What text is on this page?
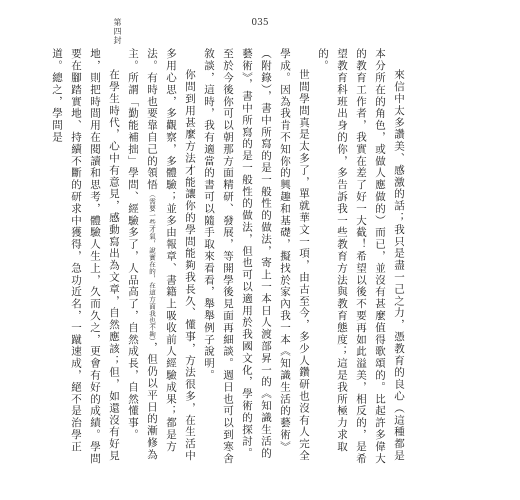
035
第四封

來信中太多讚美、感激的話；我只是盡一己之力，憑教育的良心（這種都是本分所在的角色，或做人應做的）而已，並沒有甚麼值得歌頌的。比起許多偉大的教育工作者，我實在差了好一大截！希望以後不要再如此溢美，相反的，是希望教育科班出身的你，多告訴我一些教育方法與教育態度；這是我所極力求取的。

世間學問真是太多了，單就華文一項，由古至今，多少人鑽研也沒有人完全學成。因為我肯不知你的興趣和基礎，擬找於家內我一本《知識生活的藝術》（附錄），書中所寫的是一般性的做法，寄上一本日人渡部昇一的《知識生活的藝術》，書中所寫的是一般性的做法，但也可以適用於我國文化，學術的探討。至於今後你可以朝那方面精研、發展，等開學後見面再細談。週日也可以到寒舍敘談，這時，我有適當的書可以隨手取來看看，舉舉例子說明。

你問到用甚麼方法才能讓你的學問能夠我長久、懂事，方法很多，在生活中多用心思，多觀察，多體驗；並多由報章、書籍上吸收前人經驗成果；都是方法。有時也要靠自己的領悟（需要一些才氣，說實在的，在這方面我也不夠），但仍以平日的漸修為主。所謂「勤能補拙」學問、經驗多了，人品高了，自然成長，自然懂事。

在學生時代，心中有意見，感動寫出為文章，自然應該；但，如還沒有好見地，則把時間用在閱讀和思考，體驗人生上，久而久之，更會有好的成績。學問要在腳踏實地、持續不斷的研求中獲得，急功近名，一蹴速成，絕不是治學正道。總之，學問是
